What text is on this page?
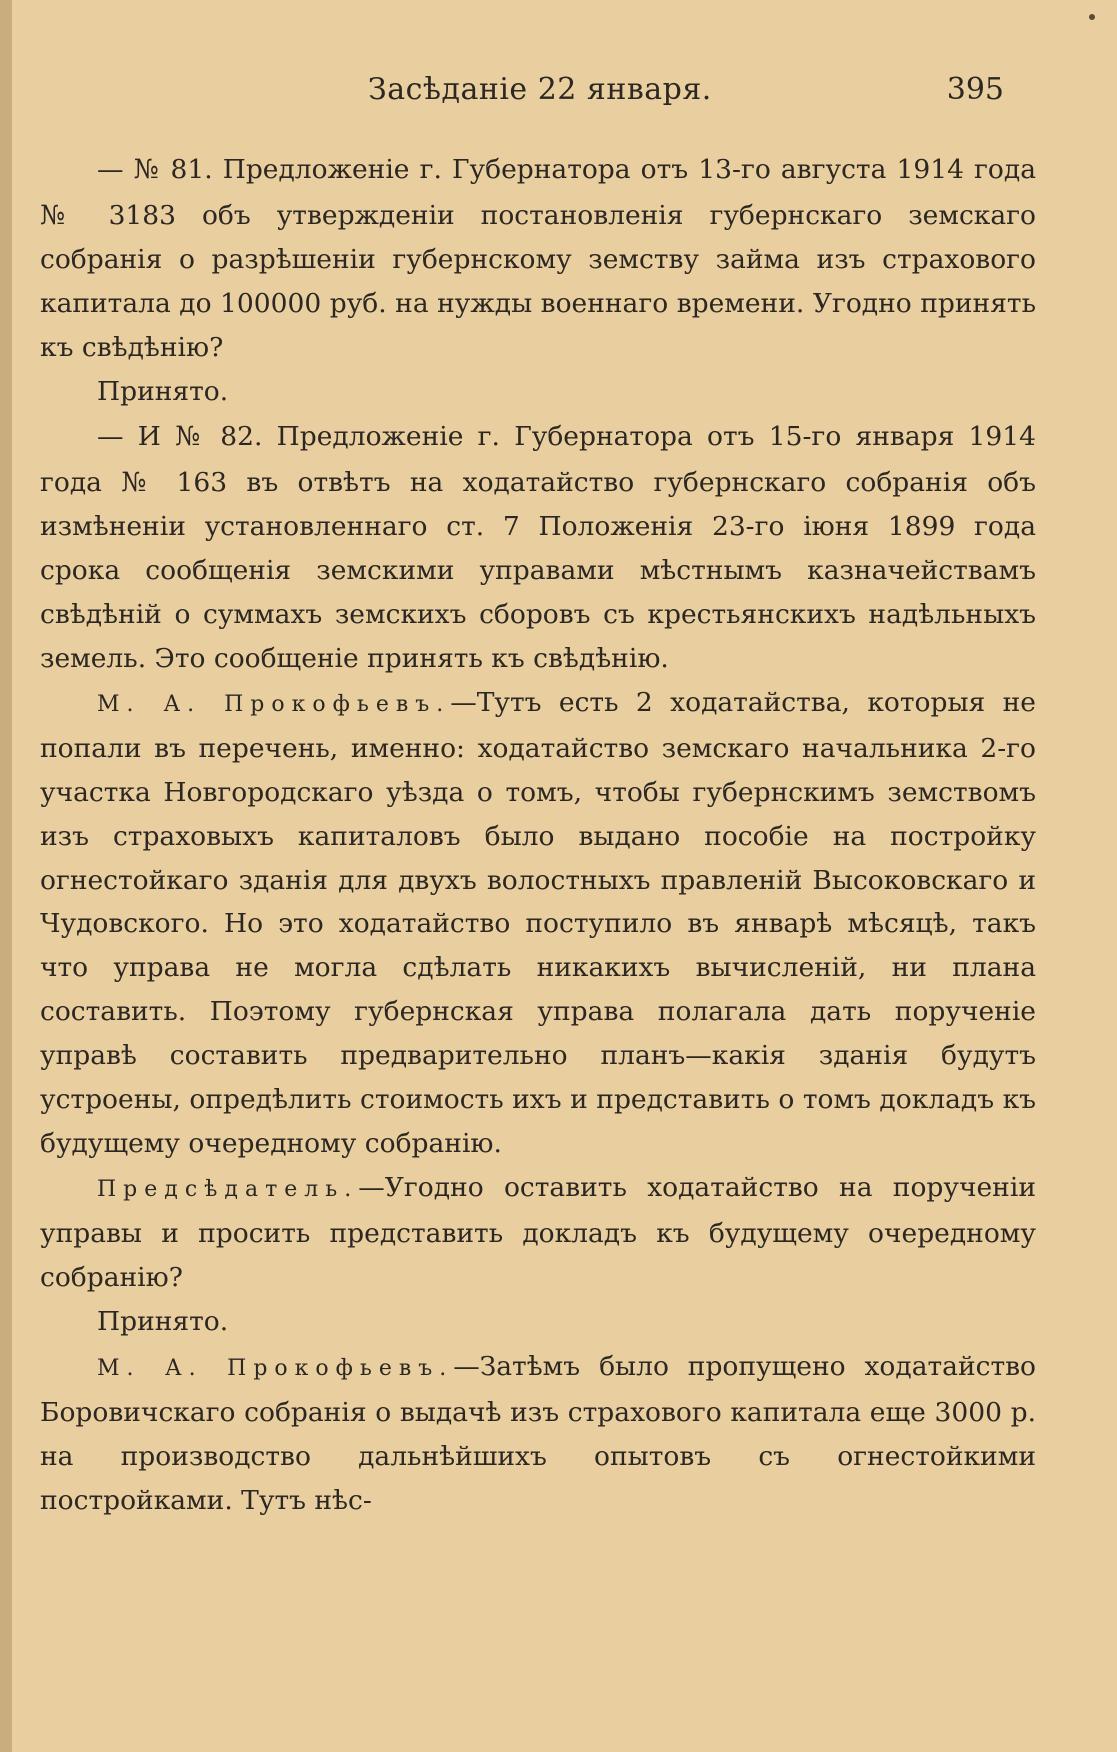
Засѣданіе 22 января.	395

— № 81. Предложеніе г. Губернатора отъ 13-го августа 1914 года № 3183 объ утвержденіи постановленія губернскаго земскаго собранія о разрѣшеніи губернскому земству займа изъ страхового капитала до 100000 руб. на нужды военнаго времени. Угодно принять къ свѣдѣнію?

Принято.

— И № 82. Предложеніе г. Губернатора отъ 15-го января 1914 года № 163 въ отвѣтъ на ходатайство губернскаго собранія объ измѣненіи установленнаго ст. 7 Положенія 23-го іюня 1899 года срока сообщенія земскими управами мѣстнымъ казначействамъ свѣдѣній о суммахъ земскихъ сборовъ съ крестьянскихъ надѣльныхъ земель. Это сообщеніе принять къ свѣдѣнію.

М. А. Прокофьевъ.—Тутъ есть 2 ходатайства, которыя не попали въ перечень, именно: ходатайство земскаго начальника 2-го участка Новгородскаго уѣзда о томъ, чтобы губернскимъ земствомъ изъ страховыхъ капиталовъ было выдано пособіе на постройку огнестойкаго зданія для двухъ волостныхъ правленій Высоковскаго и Чудовского. Но это ходатайство поступило въ январѣ мѣсяцѣ, такъ что управа не могла сдѣлать никакихъ вычисленій, ни плана составить. Поэтому губернская управа полагала дать порученіе управѣ составить предварительно планъ—какія зданія будутъ устроены, опредѣлить стоимость ихъ и представить о томъ докладъ къ будущему очередному собранію.

Предсѣдатель.—Угодно оставить ходатайство на порученіи управы и просить представить докладъ къ будущему очередному собранію?

Принято.

М. А. Прокофьевъ.—Затѣмъ было пропущено ходатайство Боровичскаго собранія о выдачѣ изъ страхового капитала еще 3000 р. на производство дальнѣйшихъ опытовъ съ огнестойкими постройками. Тутъ нѣс-
